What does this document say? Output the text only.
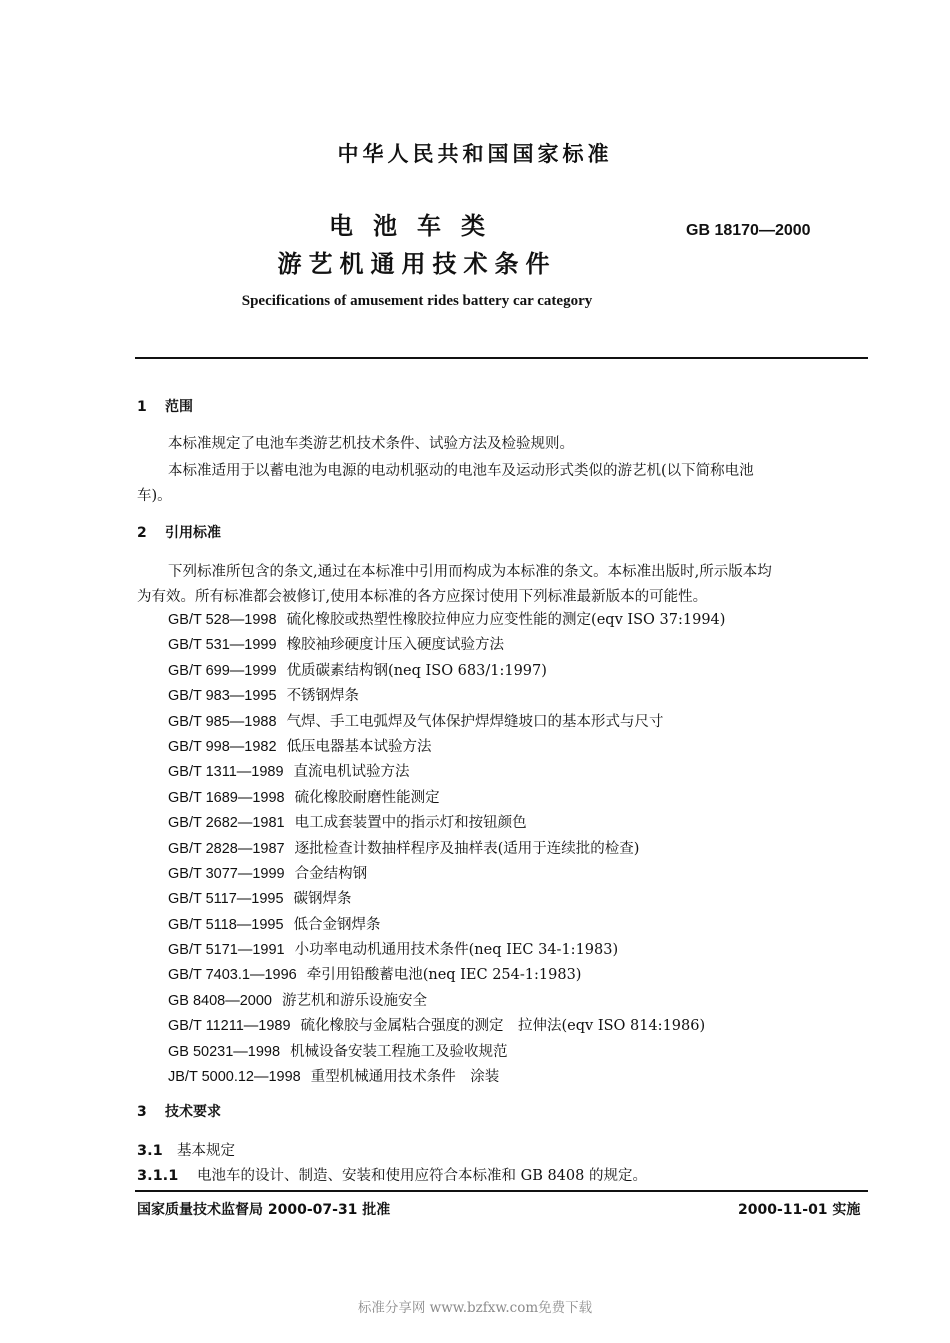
中华人民共和国国家标准
电池车类
游艺机通用技术条件
GB 18170—2000
Specifications of amusement rides battery car category
1 范围
本标准规定了电池车类游艺机技术条件、试验方法及检验规则。
本标准适用于以蓄电池为电源的电动机驱动的电池车及运动形式类似的游艺机(以下简称电池
车)。
2 引用标准
下列标准所包含的条文,通过在本标准中引用而构成为本标准的条文。本标准出版时,所示版本均
为有效。所有标准都会被修订,使用本标准的各方应探讨使用下列标准最新版本的可能性。
GB/T 528—1998 硫化橡胶或热塑性橡胶拉伸应力应变性能的测定(eqv ISO 37:1994)
GB/T 531—1999 橡胶袖珍硬度计压入硬度试验方法
GB/T 699—1999 优质碳素结构钢(neq ISO 683/1:1997)
GB/T 983—1995 不锈钢焊条
GB/T 985—1988 气焊、手工电弧焊及气体保护焊焊缝坡口的基本形式与尺寸
GB/T 998—1982 低压电器基本试验方法
GB/T 1311—1989 直流电机试验方法
GB/T 1689—1998 硫化橡胶耐磨性能测定
GB/T 2682—1981 电工成套装置中的指示灯和按钮颜色
GB/T 2828—1987 逐批检查计数抽样程序及抽样表(适用于连续批的检查)
GB/T 3077—1999 合金结构钢
GB/T 5117—1995 碳钢焊条
GB/T 5118—1995 低合金钢焊条
GB/T 5171—1991 小功率电动机通用技术条件(neq IEC 34-1:1983)
GB/T 7403.1—1996 牵引用铅酸蓄电池(neq IEC 254-1:1983)
GB 8408—2000 游艺机和游乐设施安全
GB/T 11211—1989 硫化橡胶与金属粘合强度的测定　拉伸法(eqv ISO 814:1986)
GB 50231—1998 机械设备安装工程施工及验收规范
JB/T 5000.12—1998 重型机械通用技术条件　涂装
3 技术要求
3.1 基本规定
3.1.1 电池车的设计、制造、安装和使用应符合本标准和 GB 8408 的规定。
国家质量技术监督局 2000-07-31 批准	2000-11-01 实施
标准分享网 www.bzfxw.com免费下载
